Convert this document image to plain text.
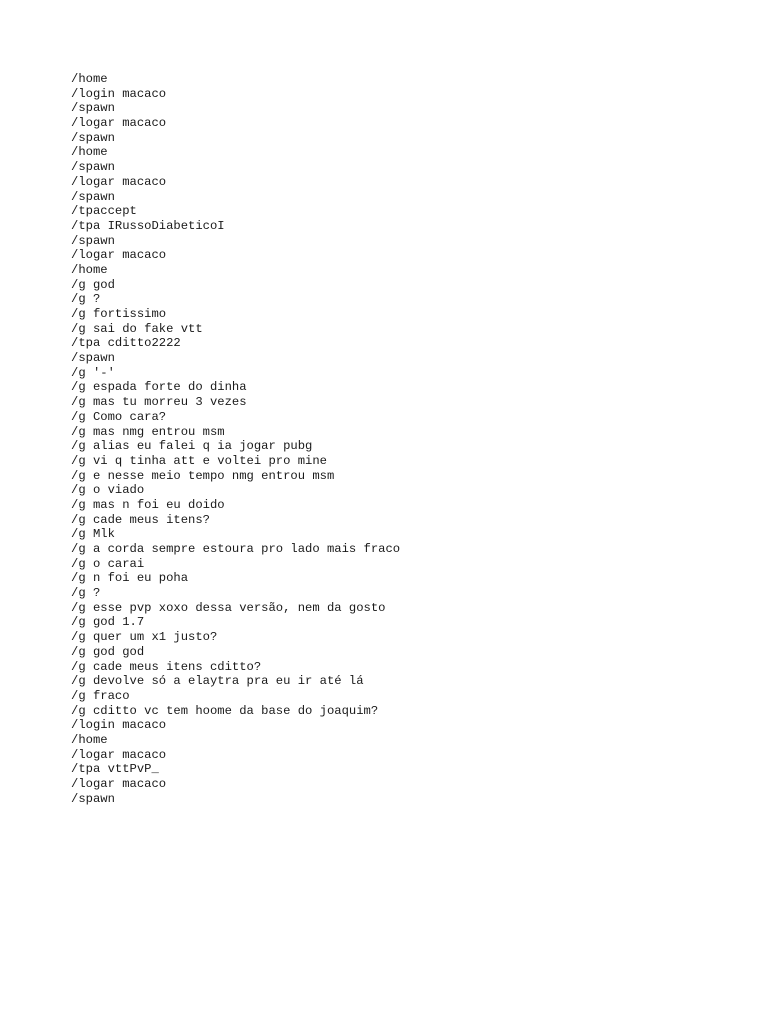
/home
/login macaco
/spawn
/logar macaco
/spawn
/home
/spawn
/logar macaco
/spawn
/tpaccept
/tpa IRussoDiabeticoI
/spawn
/logar macaco
/home
/g god
/g ?
/g fortissimo
/g sai do fake vtt
/tpa cditto2222
/spawn
/g '-'
/g espada forte do dinha
/g mas tu morreu 3 vezes
/g Como cara?
/g mas nmg entrou msm
/g alias eu falei q ia jogar pubg
/g vi q tinha att e voltei pro mine
/g e nesse meio tempo nmg entrou msm
/g o viado
/g mas n foi eu doido
/g cade meus itens?
/g Mlk
/g a corda sempre estoura pro lado mais fraco
/g o carai
/g n foi eu poha
/g ?
/g esse pvp xoxo dessa versão, nem da gosto
/g god 1.7
/g quer um x1 justo?
/g god god
/g cade meus itens cditto?
/g devolve só a elaytra pra eu ir até lá
/g fraco
/g cditto vc tem hoome da base do joaquim?
/login macaco
/home
/logar macaco
/tpa vttPvP_
/logar macaco
/spawn
